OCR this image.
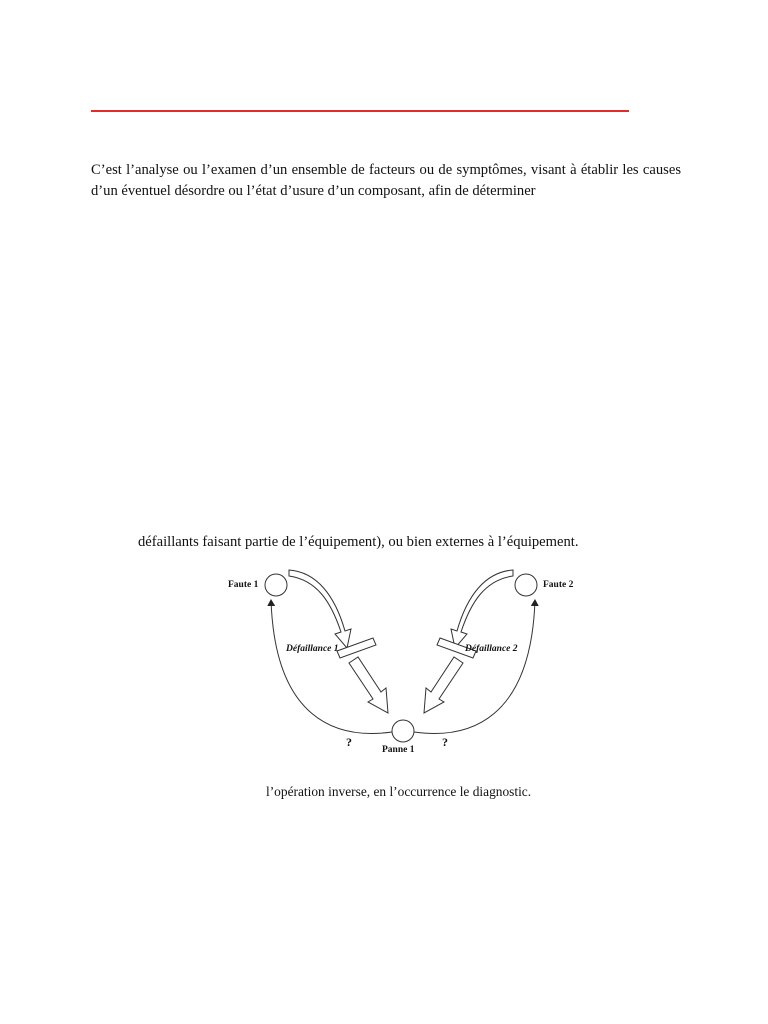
C’est l’analyse ou l’examen d’un ensemble de facteurs ou de symptômes, visant à établir les causes d’un éventuel désordre ou l’état d’usure d’un composant, afin de déterminer

défaillants faisant partie de l’équipement), ou bien externes à l’équipement.
Faute 1	Faute 2
Défaillance 1	Défaillance 2
Panne 1
?	?
l’opération inverse, en l’occurrence le diagnostic.
